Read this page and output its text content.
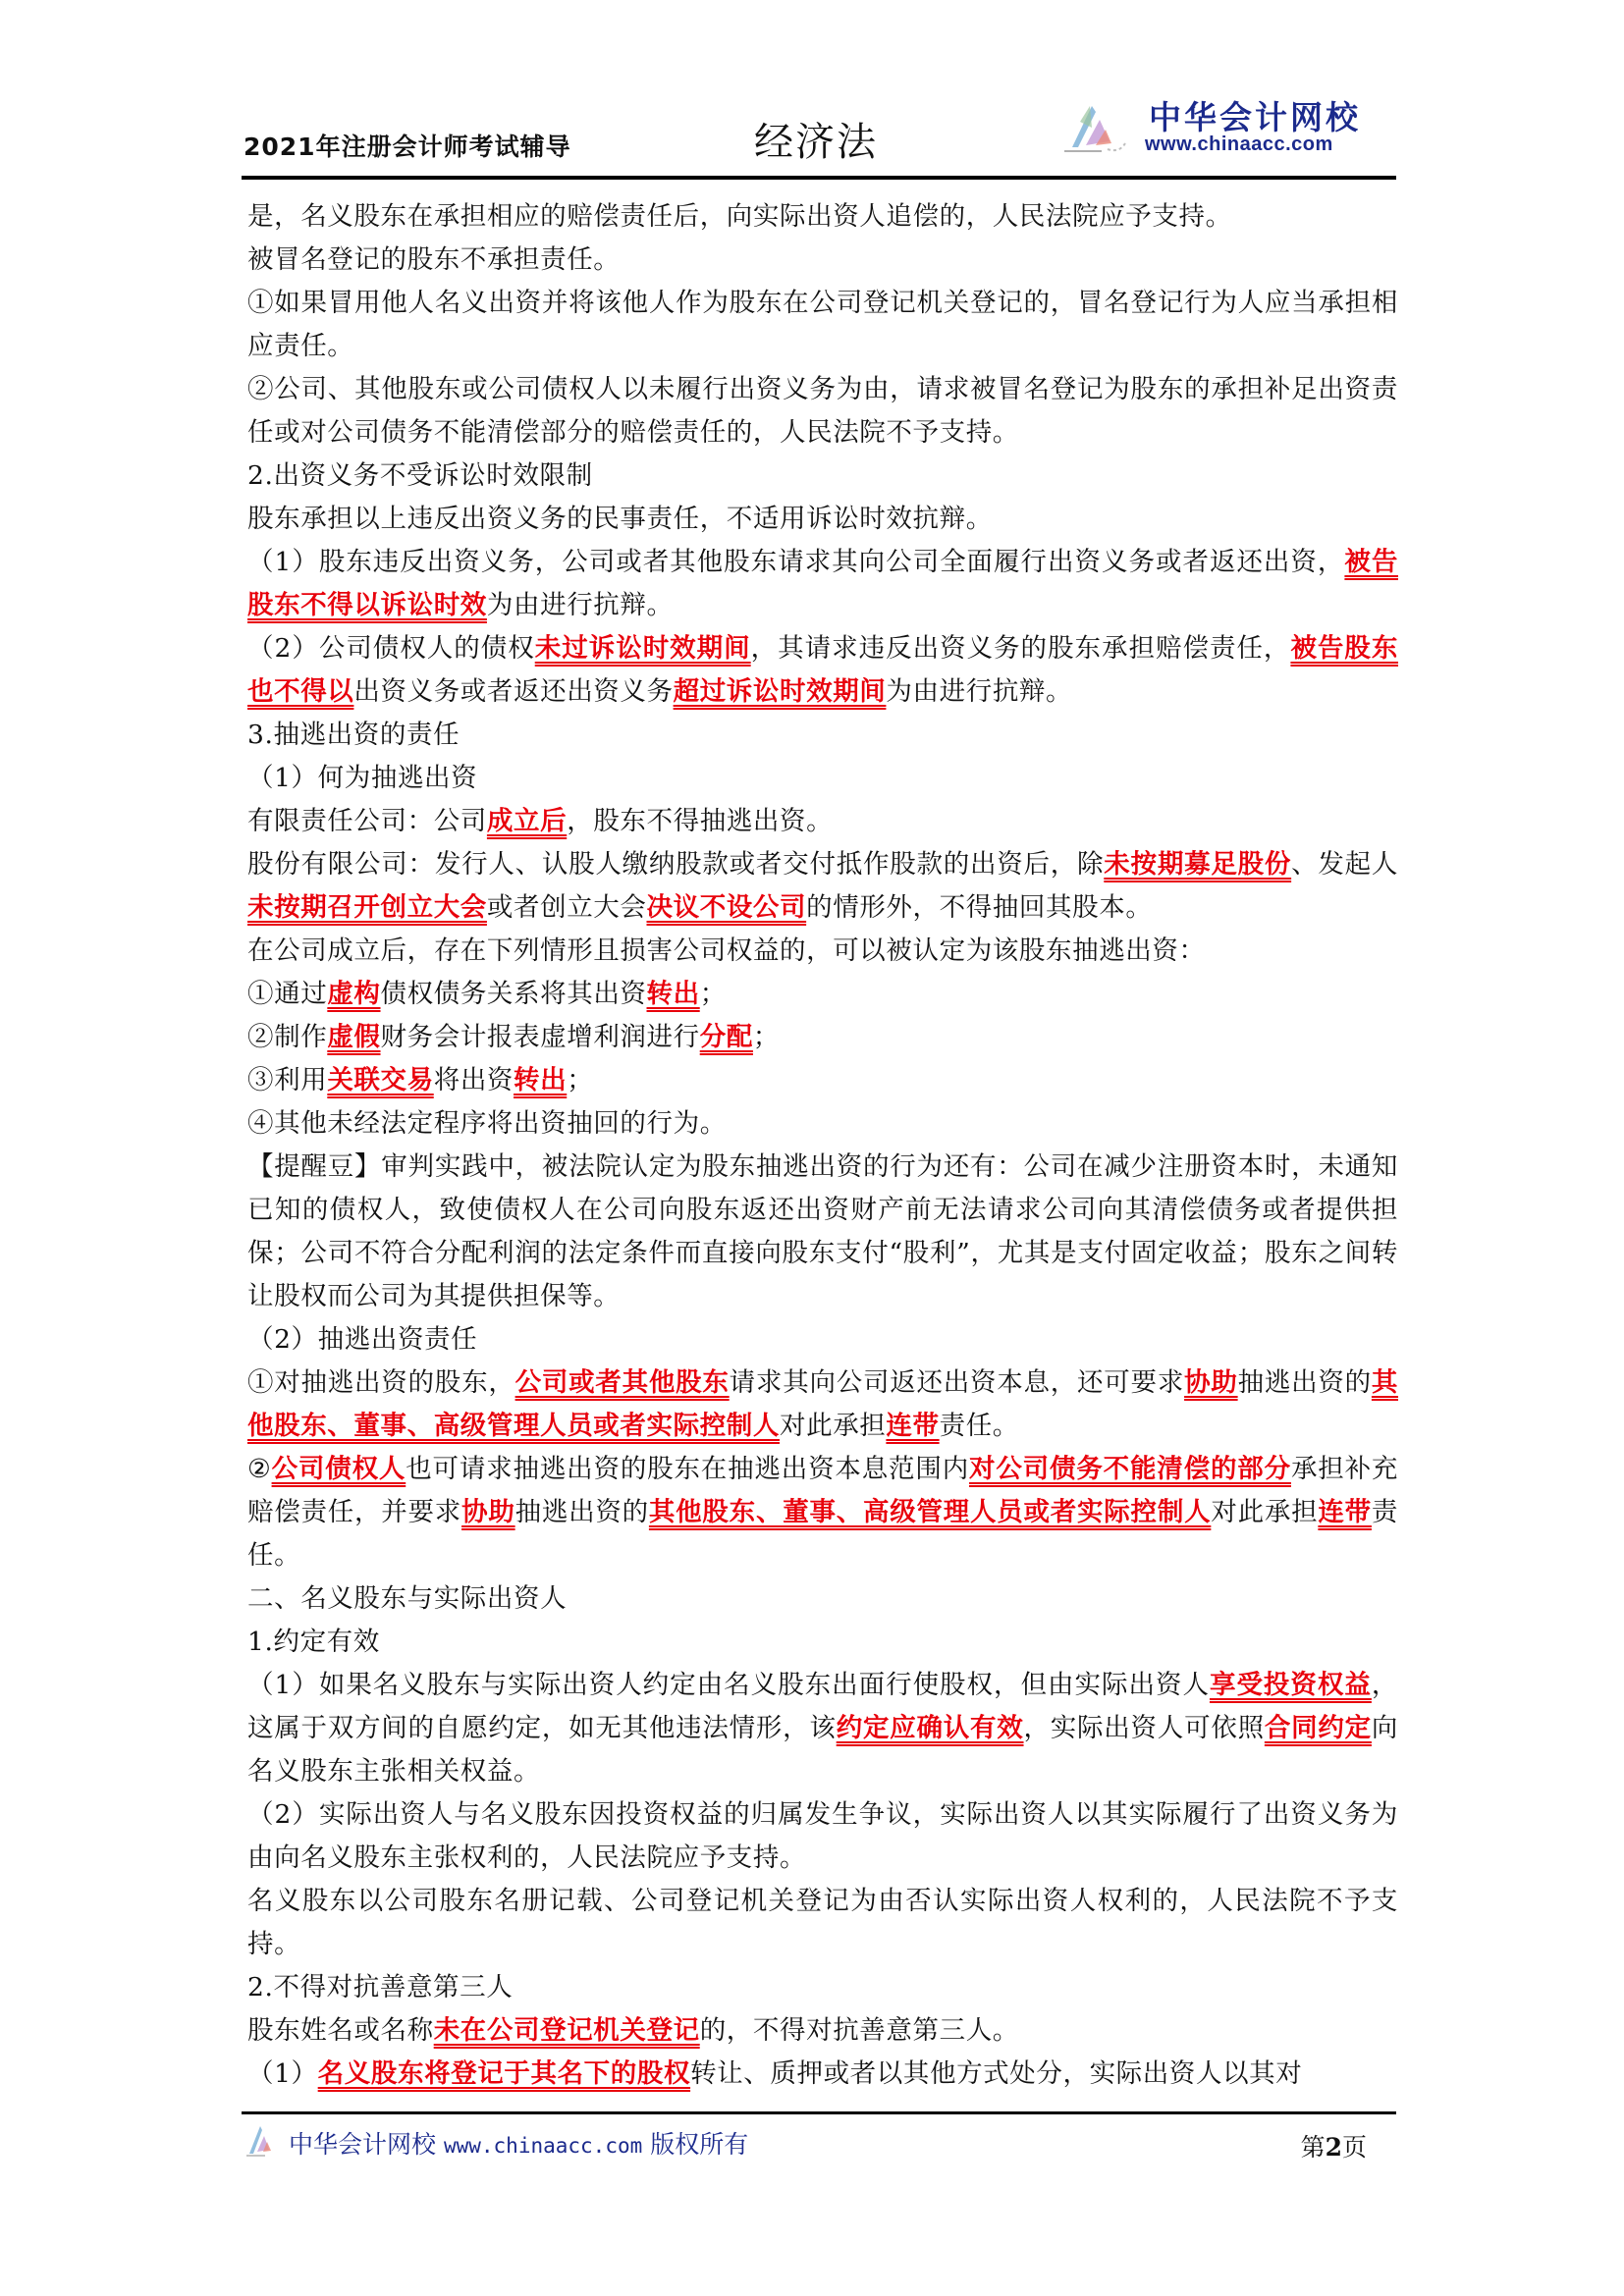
2021年注册会计师考试辅导	经济法
中华会计网校
www.chinaacc.com

是，名义股东在承担相应的赔偿责任后，向实际出资人追偿的，人民法院应予支持。

被冒名登记的股东不承担责任。

①如果冒用他人名义出资并将该他人作为股东在公司登记机关登记的，冒名登记行为人应当承担相应责任。

②公司、其他股东或公司债权人以未履行出资义务为由，请求被冒名登记为股东的承担补足出资责任或对公司债务不能清偿部分的赔偿责任的，人民法院不予支持。

2.出资义务不受诉讼时效限制

股东承担以上违反出资义务的民事责任，不适用诉讼时效抗辩。

（1）股东违反出资义务，公司或者其他股东请求其向公司全面履行出资义务或者返还出资，被告股东不得以诉讼时效为由进行抗辩。

（2）公司债权人的债权未过诉讼时效期间，其请求违反出资义务的股东承担赔偿责任，被告股东也不得以出资义务或者返还出资义务超过诉讼时效期间为由进行抗辩。

3.抽逃出资的责任

（1）何为抽逃出资

有限责任公司：公司成立后，股东不得抽逃出资。

股份有限公司：发行人、认股人缴纳股款或者交付抵作股款的出资后，除未按期募足股份、发起人未按期召开创立大会或者创立大会决议不设公司的情形外，不得抽回其股本。

在公司成立后，存在下列情形且损害公司权益的，可以被认定为该股东抽逃出资：

①通过虚构债权债务关系将其出资转出；

②制作虚假财务会计报表虚增利润进行分配；

③利用关联交易将出资转出；

④其他未经法定程序将出资抽回的行为。

【提醒豆】审判实践中，被法院认定为股东抽逃出资的行为还有：公司在减少注册资本时，未通知已知的债权人，致使债权人在公司向股东返还出资财产前无法请求公司向其清偿债务或者提供担保；公司不符合分配利润的法定条件而直接向股东支付“股利”，尤其是支付固定收益；股东之间转让股权而公司为其提供担保等。

（2）抽逃出资责任

①对抽逃出资的股东，公司或者其他股东请求其向公司返还出资本息，还可要求协助抽逃出资的其他股东、董事、高级管理人员或者实际控制人对此承担连带责任。

②公司债权人也可请求抽逃出资的股东在抽逃出资本息范围内对公司债务不能清偿的部分承担补充赔偿责任，并要求协助抽逃出资的其他股东、董事、高级管理人员或者实际控制人对此承担连带责任。

二、名义股东与实际出资人

1.约定有效

（1）如果名义股东与实际出资人约定由名义股东出面行使股权，但由实际出资人享受投资权益，这属于双方间的自愿约定，如无其他违法情形，该约定应确认有效，实际出资人可依照合同约定向名义股东主张相关权益。

（2）实际出资人与名义股东因投资权益的归属发生争议，实际出资人以其实际履行了出资义务为由向名义股东主张权利的，人民法院应予支持。

名义股东以公司股东名册记载、公司登记机关登记为由否认实际出资人权利的，人民法院不予支持。

2.不得对抗善意第三人

股东姓名或名称未在公司登记机关登记的，不得对抗善意第三人。

（1）名义股东将登记于其名下的股权转让、质押或者以其他方式处分，实际出资人以其对

中华会计网校 www.chinaacc.com 版权所有	第2页
